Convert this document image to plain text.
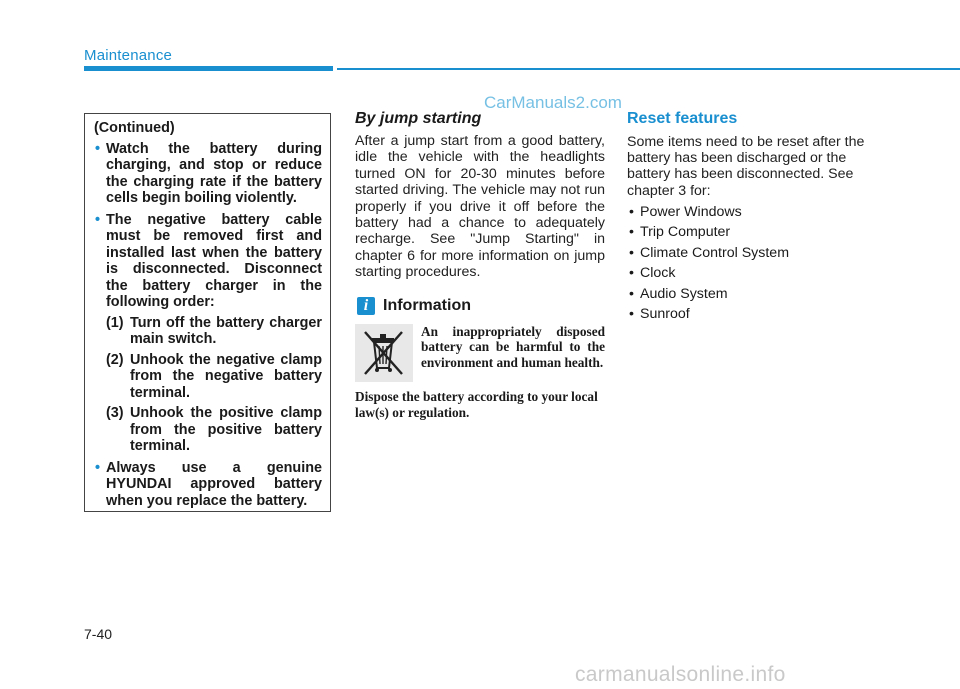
Maintenance
CarManuals2.com
(Continued)
• Watch the battery during charging, and stop or reduce the charging rate if the battery cells begin boiling violently.
• The negative battery cable must be removed first and installed last when the battery is disconnected. Disconnect the battery charger in the following order:
(1) Turn off the battery charger main switch.
(2) Unhook the negative clamp from the negative battery terminal.
(3) Unhook the positive clamp from the positive battery terminal.
• Always use a genuine HYUNDAI approved battery when you replace the battery.
By jump starting

After a jump start from a good battery, idle the vehicle with the headlights turned ON for 20-30 minutes before started driving. The vehicle may not run properly if you drive it off before the battery had a chance to adequately recharge. See "Jump Starting" in chapter 6 for more information on jump starting procedures.

i Information
An inappropriately disposed battery can be harmful to the environment and human health.
Dispose the battery according to your local law(s) or regulation.
Reset features

Some items need to be reset after the battery has been discharged or the battery has been disconnected. See chapter 3 for:

• Power Windows
• Trip Computer
• Climate Control System
• Clock
• Audio System
• Sunroof
7-40
carmanualsonline.info
